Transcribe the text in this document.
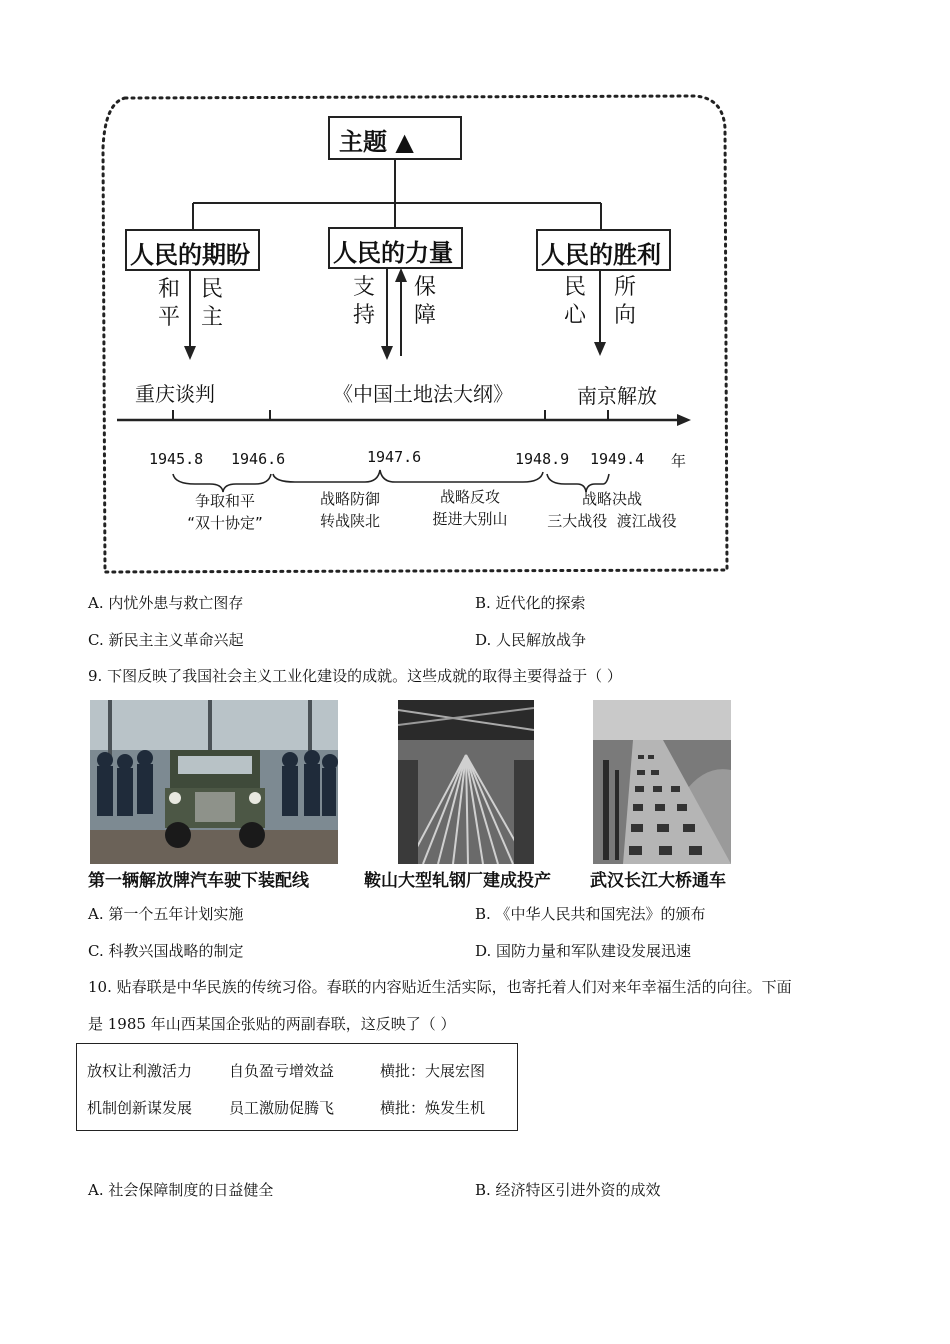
主题 ▲
人民的期盼	人民的力量	人民的胜利
和平
民主
支持
保障
民心
所向
重庆谈判	《中国土地法大纲》	南京解放
1945.8 1946.6	1947.6	1948.9 1949.4 年
争取和平
“双十协定”
战略防御
转战陕北
战略反攻
挺进大别山
战略决战
三大战役  渡江战役
A. 内忧外患与救亡图存	B. 近代化的探索
C. 新民主主义革命兴起	D. 人民解放战争
9. 下图反映了我国社会主义工业化建设的成就。这些成就的取得主要得益于（ ）
第一辆解放牌汽车驶下装配线	鞍山大型轧钢厂建成投产 武汉长江大桥通车
A. 第一个五年计划实施	B. 《中华人民共和国宪法》的颁布
C. 科教兴国战略的制定	D. 国防力量和军队建设发展迅速
10. 贴春联是中华民族的传统习俗。春联的内容贴近生活实际，也寄托着人们对来年幸福生活的向往。下面
是 1985 年山西某国企张贴的两副春联，这反映了（ ）
放权让利激活力 自负盈亏增效益	横批：大展宏图
机制创新谋发展 员工激励促腾飞	横批：焕发生机
A. 社会保障制度的日益健全	B. 经济特区引进外资的成效
